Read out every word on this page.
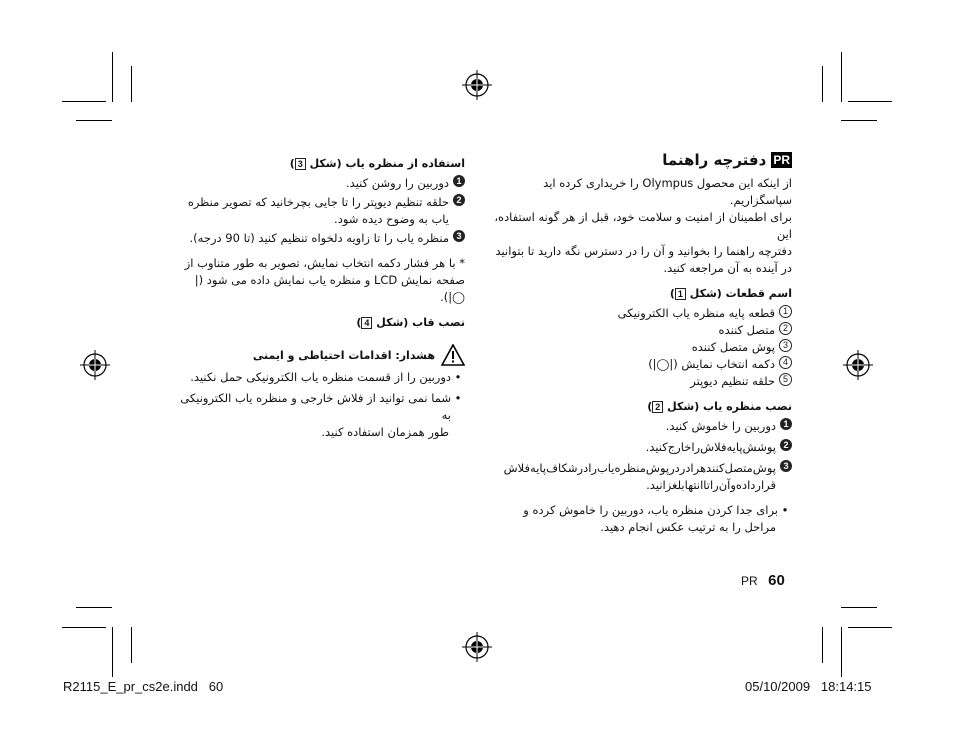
PR
دفترچه راهنما

از اینکه این محصول Olympus را خریداری کرده اید

سپاسگزاریم.

برای اطمینان از امنیت و سلامت خود، قبل از هر گونه استفاده، این

دفترچه راهنما را بخوانید و آن را در دسترس نگه دارید تا بتوانید

در آینده به آن مراجعه کنید.

اسم قطعات (شکل 1)

1
قطعه پایه منظره یاب الکترونیکی

2
متصل کننده

3
پوش متصل کننده

4
دکمه انتخاب نمایش (|◯|)

5
حلقه تنظیم دیوپتر

نصب منظره یاب (شکل 2)

1
دوربین را خاموش کنید.

2
پوشش‌پایه‌فلاش‌را‌خارج‌کنید.

3
پوش‌متصل‌کنندهرا‌دردرپوش‌منظره‌یاب‌را‌در‌شکاف‌پایه‌فلاش

قرار‌داده‌و‌آن‌را‌تا‌انتها‌بلغزانید.

•
برای جدا کردن منظره یاب، دوربین را خاموش کرده و

مراحل را به ترتیب عکس انجام دهید.

استفاده از منظره یاب (شکل 3)

1
دوربین را روشن کنید.

2
حلقه تنظیم دیوپتر را تا جایی بچرخانید که تصویر منظره

یاب به وضوح دیده شود.

3
منظره یاب را تا زاویه دلخواه تنظیم کنید (تا 90 درجه).

* با هر فشار دکمه انتخاب نمایش، تصویر به طور متناوب از

صفحه نمایش LCD و منظره یاب نمایش داده می شود (|◯|).

نصب قاب (شکل 4)

هشدار: اقدامات احتیاطی و ایمنی

•
دوربین را از قسمت منظره یاب الکترونیکی حمل نکنید.

•
شما نمی توانید از فلاش خارجی و منظره یاب الکترونیکی به

طور همزمان استفاده کنید.

PR 60
R2115_E_pr_cs2e.indd   60	05/10/2009   18:14:15
